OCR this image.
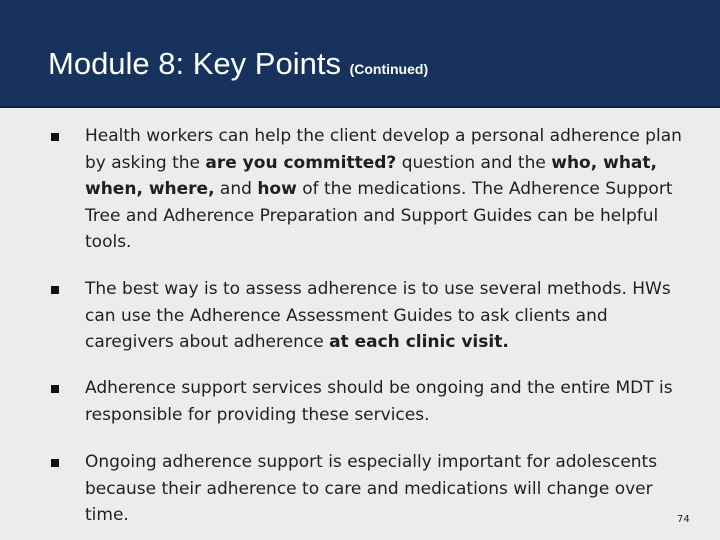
Module 8: Key Points (Continued)
Health workers can help the client develop a personal adherence plan by asking the are you committed? question and the who, what, when, where, and how of the medications. The Adherence Support Tree and Adherence Preparation and Support Guides can be helpful tools.
The best way is to assess adherence is to use several methods. HWs can use the Adherence Assessment Guides to ask clients and caregivers about adherence at each clinic visit.
Adherence support services should be ongoing and the entire MDT is responsible for providing these services.
Ongoing adherence support is especially important for adolescents because their adherence to care and medications will change over time.	74
